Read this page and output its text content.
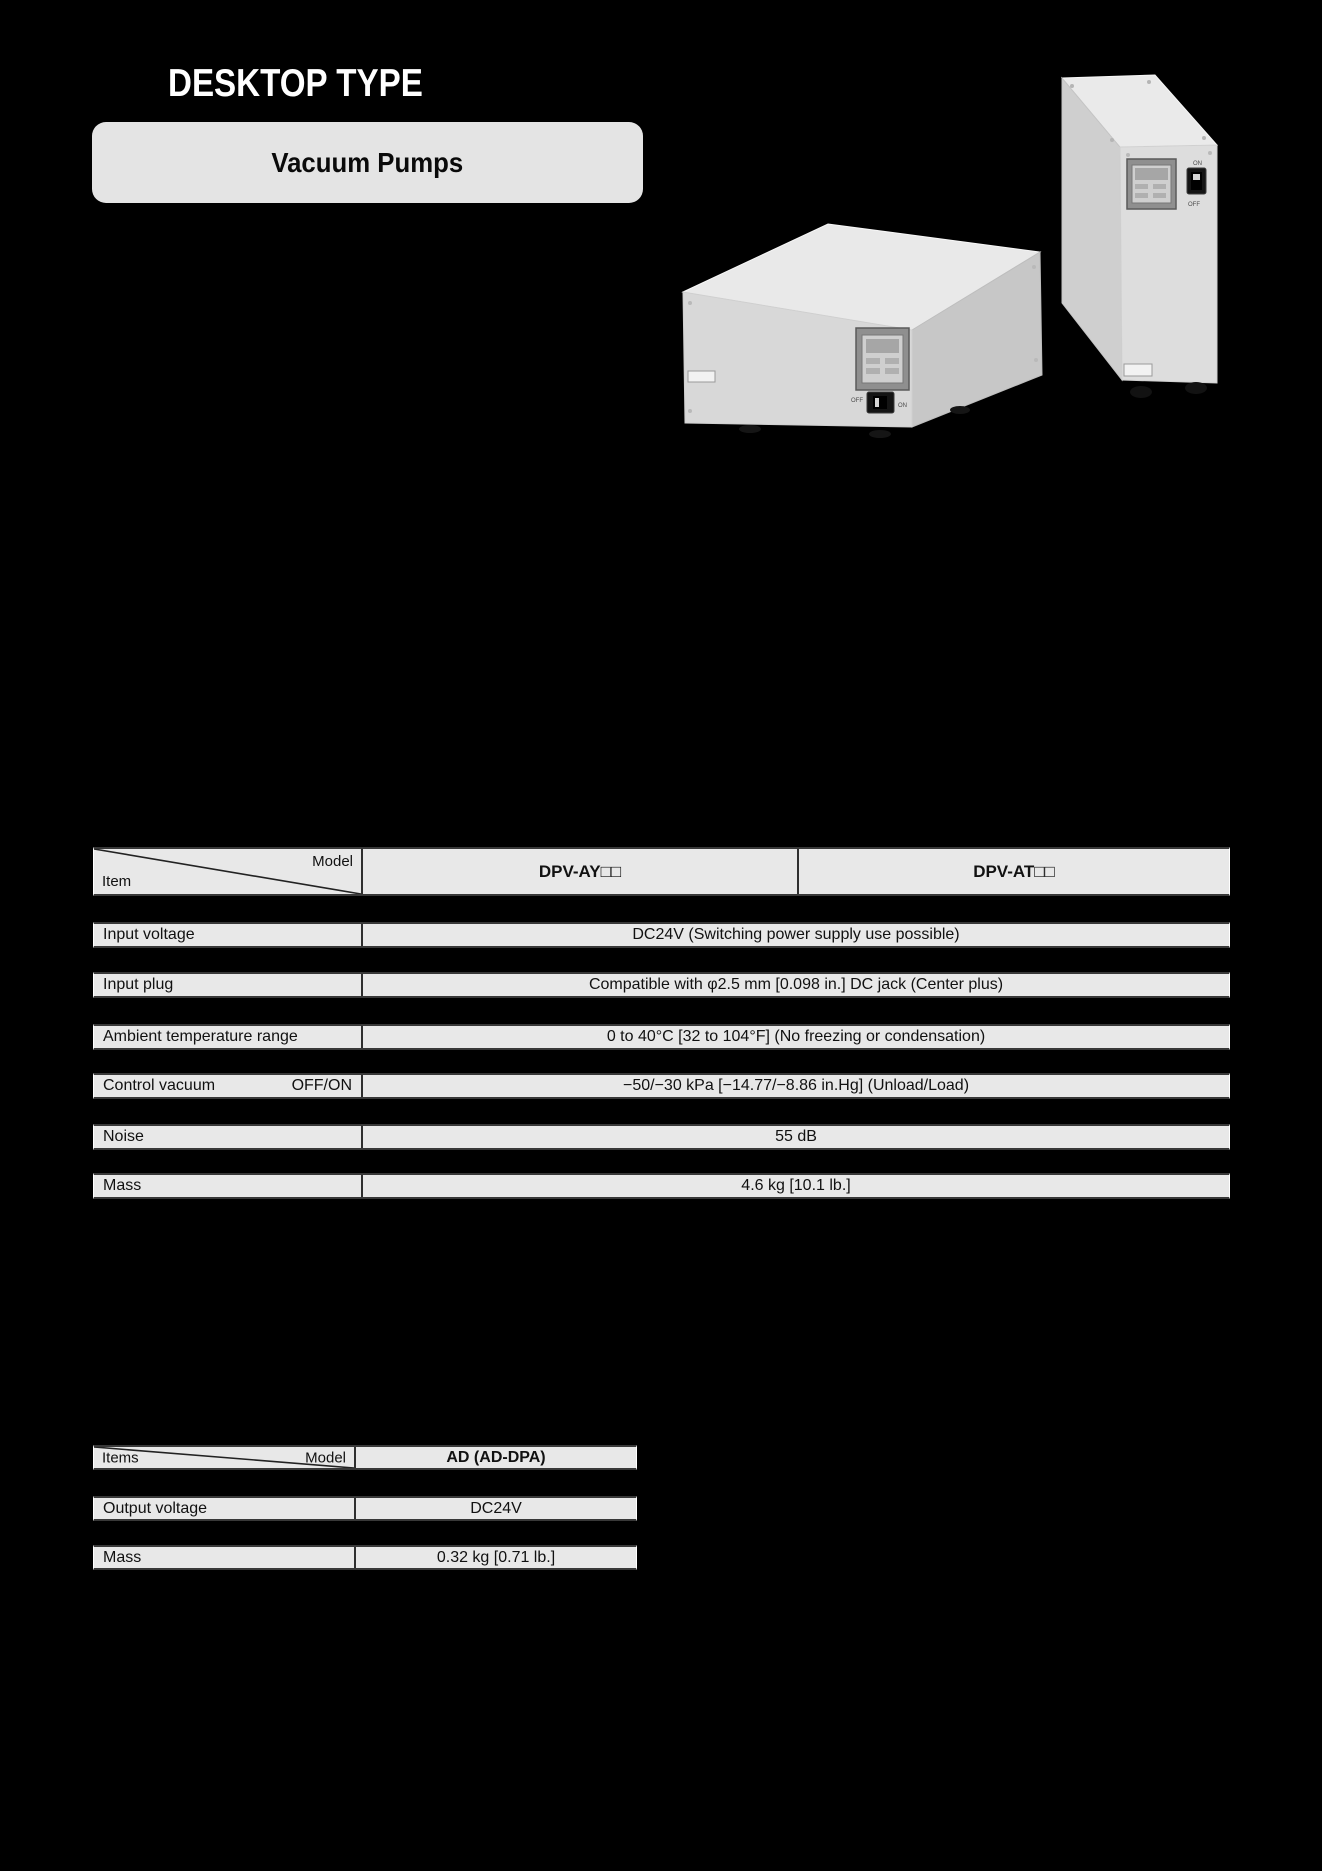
DESKTOP TYPE
Vacuum Pumps
OFF
ON
ON
OFF
Model
Item
DPV-AY□□	DPV-AT□□
Input voltage	DC24V (Switching power supply use possible)
Input plug	Compatible with φ2.5 mm [0.098 in.] DC jack (Center plus)
Ambient temperature range	0 to 40°C [32 to 104°F] (No freezing or condensation)
Control vacuum	OFF/ON	−50/−30 kPa [−14.77/−8.86 in.Hg] (Unload/Load)
Noise	55 dB
Mass	4.6 kg [10.1 lb.]
Items	Model	AD (AD-DPA)
Output voltage	DC24V
Mass	0.32 kg [0.71 lb.]
